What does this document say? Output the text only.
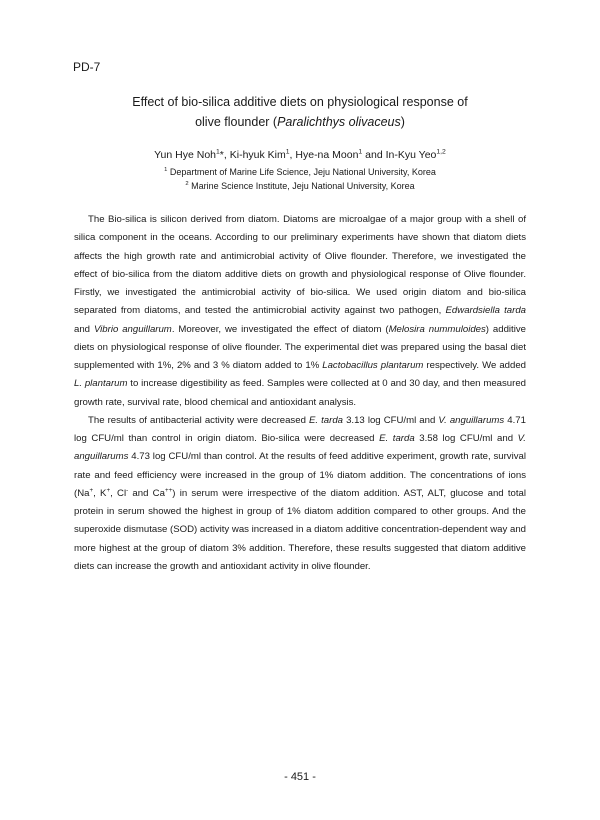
PD-7
Effect of bio-silica additive diets on physiological response of
olive flounder (Paralichthys olivaceus)
Yun Hye Noh$^1$*, Ki-hyuk Kim$^1$, Hye-na Moon$^1$ and In-Kyu Yeo$^{1,2}$
$^1$ Department of Marine Life Science, Jeju National University, Korea
$^2$ Marine Science Institute, Jeju National University, Korea

The Bio-silica is silicon derived from diatom. Diatoms are microalgae of a major group with a shell of silica component in the oceans. According to our preliminary experiments have shown that diatom diets affects the high growth rate and antimicrobial activity of Olive flounder. Therefore, we investigated the effect of bio-silica from the diatom additive diets on growth and physiological response of Olive flounder. Firstly, we investigated the antimicrobial activity of bio-silica. We used origin diatom and bio-silica separated from diatoms, and tested the antimicrobial activity against two pathogen, Edwardsiella tarda and Vibrio anguillarum. Moreover, we investigated the effect of diatom (Melosira nummuloides) additive diets on physiological response of olive flounder. The experimental diet was prepared using the basal diet supplemented with 1%, 2% and 3 % diatom added to 1% Lactobacillus plantarum respectively. We added L. plantarum to increase digestibility as feed. Samples were collected at 0 and 30 day, and then measured growth rate, survival rate, blood chemical and antioxidant analysis.

The results of antibacterial activity were decreased E. tarda 3.13 log CFU/ml and V. anguillarums 4.71 log CFU/ml than control in origin diatom. Bio-silica were decreased E. tarda 3.58 log CFU/ml and V. anguillarums 4.73 log CFU/ml than control. At the results of feed additive experiment, growth rate, survival rate and feed efficiency were increased in the group of 1% diatom addition. The concentrations of ions (Na+, K+, Cl- and Ca++) in serum were irrespective of the diatom addition. AST, ALT, glucose and total protein in serum showed the highest in group of 1% diatom addition compared to other groups. And the superoxide dismutase (SOD) activity was increased in a diatom additive concentration-dependent way and more highest at the group of diatom 3% addition. Therefore, these results suggested that diatom additive diets can increase the growth and antioxidant activity in olive flounder.

- 451 -
